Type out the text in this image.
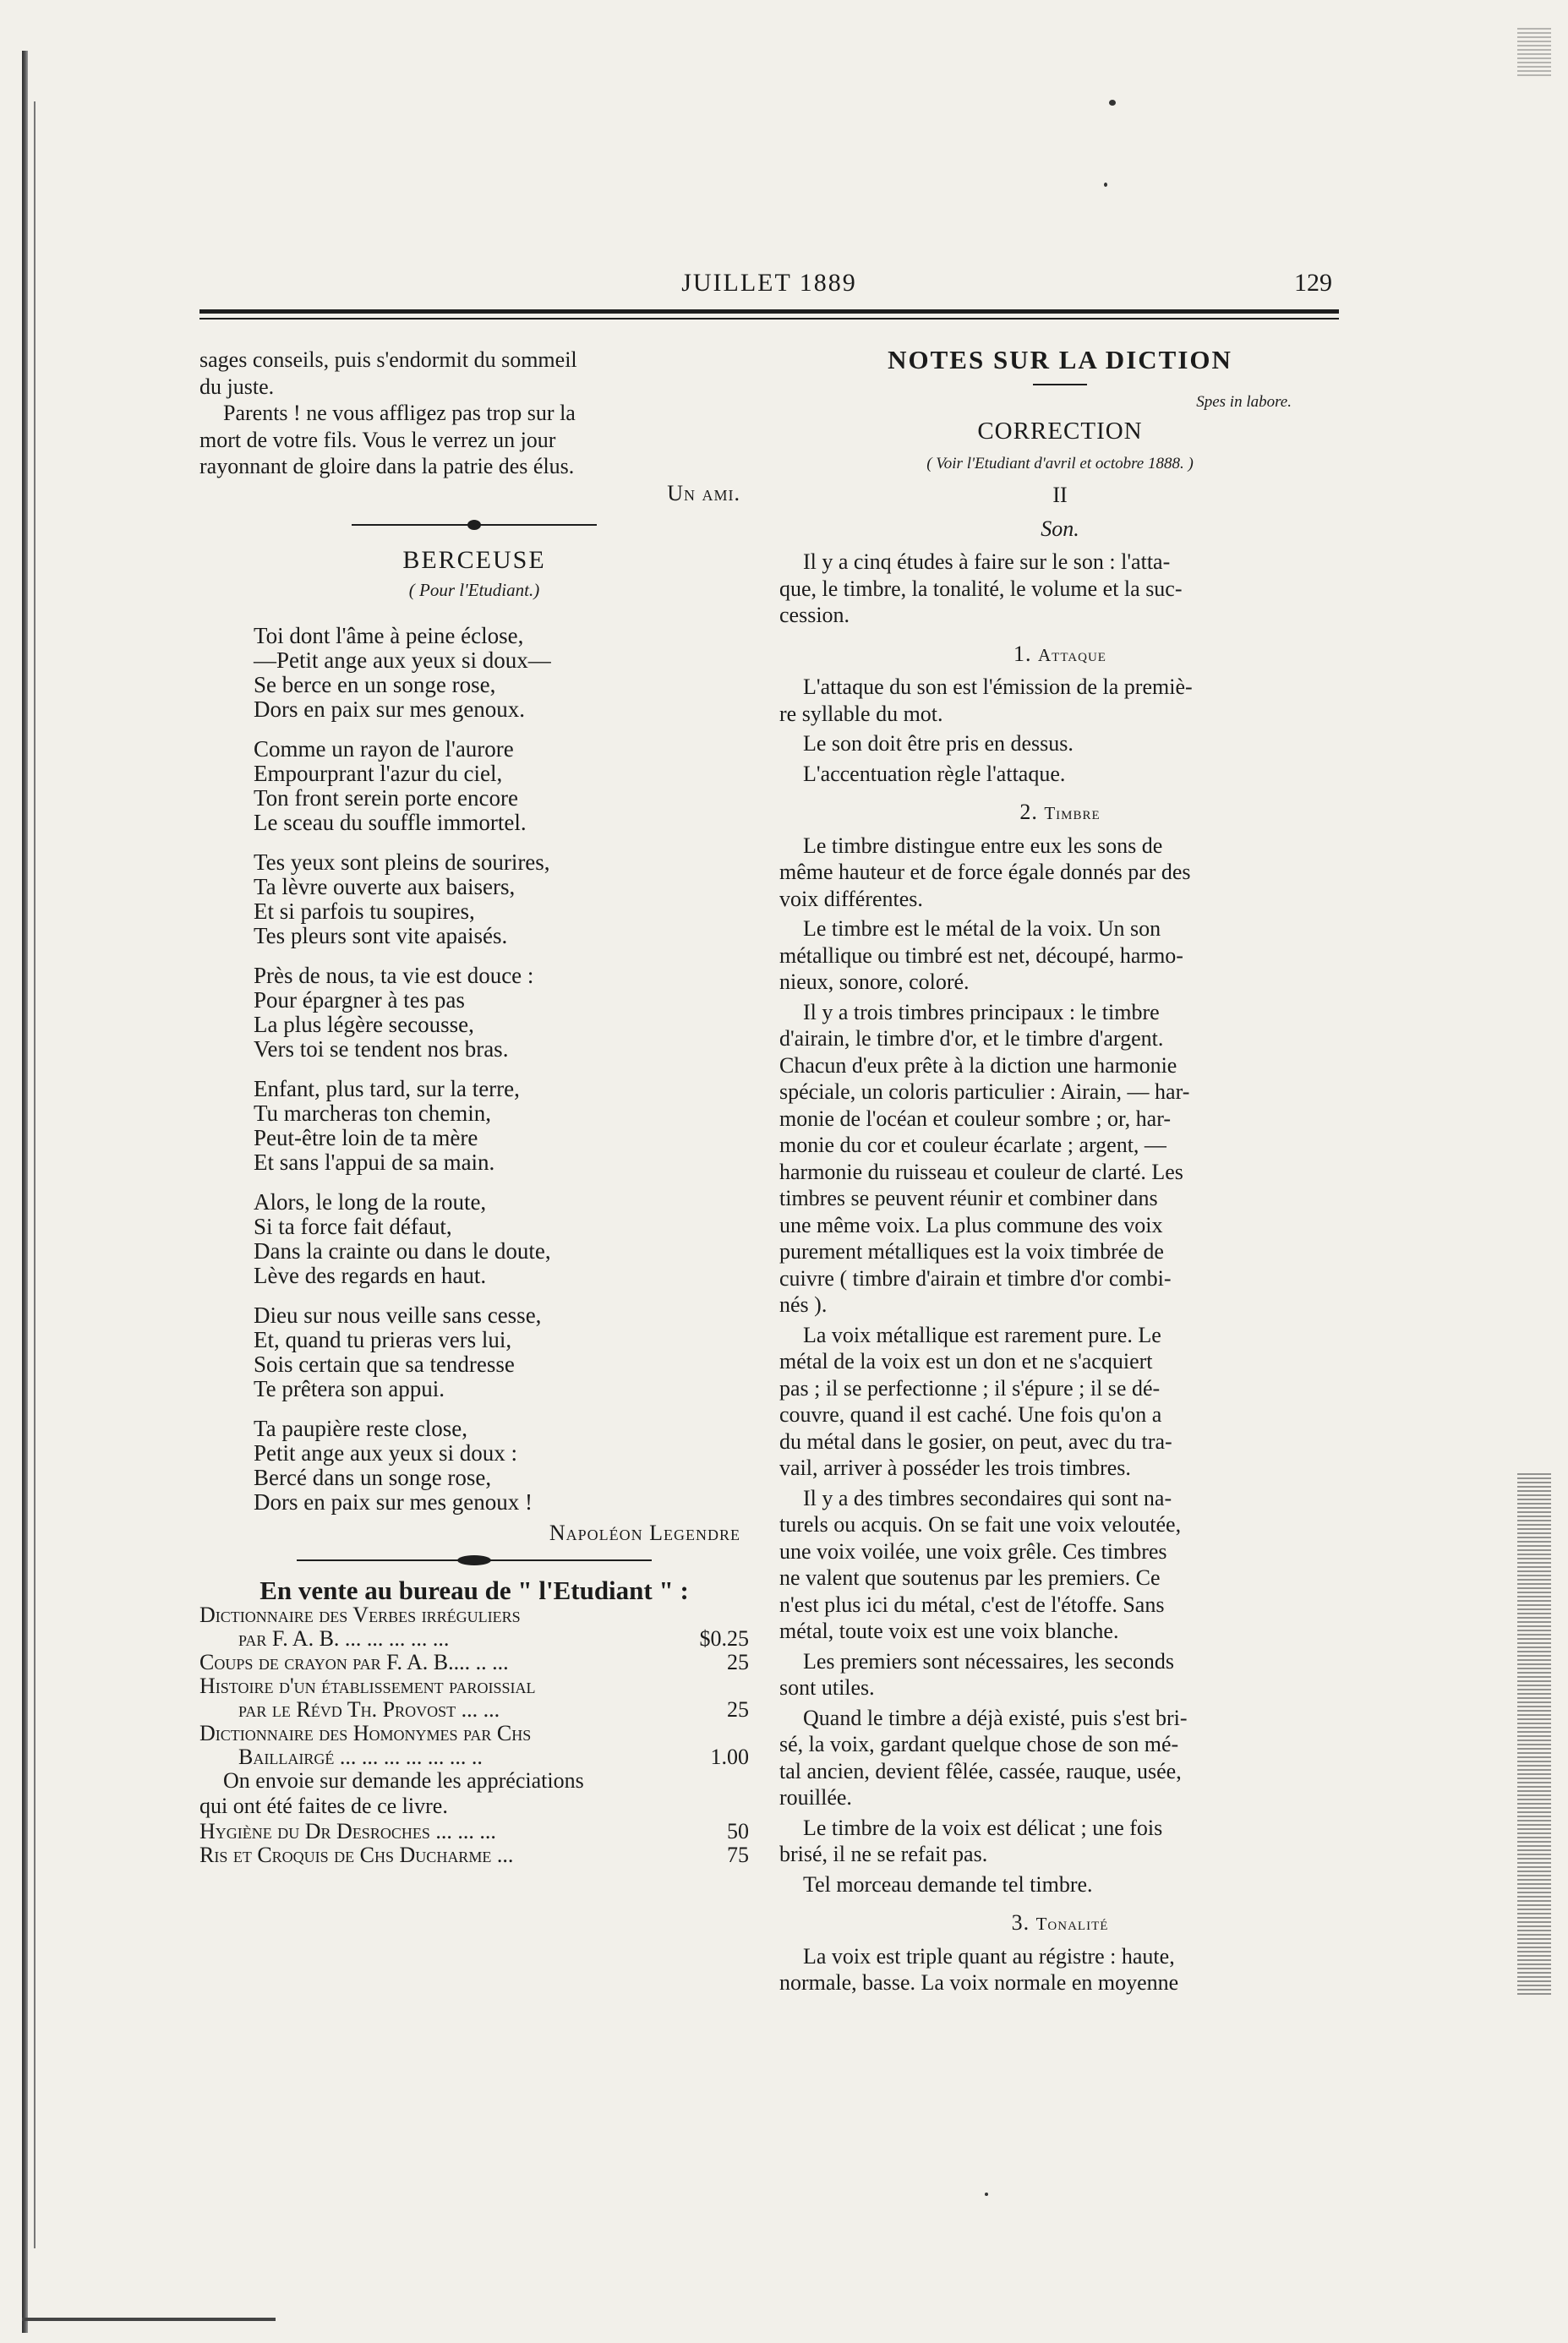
JUILLET 1889	129

sages conseils, puis s'endormit du sommeil

du juste.

Parents ! ne vous affligez pas trop sur la

mort de votre fils. Vous le verrez un jour

rayonnant de gloire dans la patrie des élus.

Un ami.

BERCEUSE
( Pour l'Etudiant.)
Toi dont l'âme à peine éclose,
—Petit ange aux yeux si doux—
Se berce en un songe rose,
Dors en paix sur mes genoux.
Comme un rayon de l'aurore
Empourprant l'azur du ciel,
Ton front serein porte encore
Le sceau du souffle immortel.
Tes yeux sont pleins de sourires,
Ta lèvre ouverte aux baisers,
Et si parfois tu soupires,
Tes pleurs sont vite apaisés.
Près de nous, ta vie est douce :
Pour épargner à tes pas
La plus légère secousse,
Vers toi se tendent nos bras.
Enfant, plus tard, sur la terre,
Tu marcheras ton chemin,
Peut-être loin de ta mère
Et sans l'appui de sa main.
Alors, le long de la route,
Si ta force fait défaut,
Dans la crainte ou dans le doute,
Lève des regards en haut.
Dieu sur nous veille sans cesse,
Et, quand tu prieras vers lui,
Sois certain que sa tendresse
Te prêtera son appui.
Ta paupière reste close,
Petit ange aux yeux si doux :
Bercé dans un songe rose,
Dors en paix sur mes genoux !

Napoléon Legendre

En vente au bureau de " l'Etudiant " :
Dictionnaire des Verbes irréguliers
par F. A. B. ... ... ... ... ...	$0.25
Coups de crayon par F. A. B.... .. ...	25
Histoire d'un établissement paroissial
par le Révd Th. Provost ... ...	25
Dictionnaire des Homonymes par Chs
Baillairgé ... ... ... ... ... ... ..	1.00

On envoie sur demande les appréciations

qui ont été faites de ce livre.

Hygiène du Dr Desroches ... ... ...	50
Ris et Croquis de Chs Ducharme ...	75
NOTES SUR LA DICTION
Spes in labore.
CORRECTION
( Voir l'Etudiant d'avril et octobre 1888. )
II
Son.

Il y a cinq études à faire sur le son : l'atta-

que, le timbre, la tonalité, le volume et la suc-

cession.

1. Attaque

L'attaque du son est l'émission de la premiè-

re syllable du mot.

Le son doit être pris en dessus.

L'accentuation règle l'attaque.

2. Timbre

Le timbre distingue entre eux les sons de

même hauteur et de force égale donnés par des

voix différentes.

Le timbre est le métal de la voix. Un son

métallique ou timbré est net, découpé, harmo-

nieux, sonore, coloré.

Il y a trois timbres principaux : le timbre

d'airain, le timbre d'or, et le timbre d'argent.

Chacun d'eux prête à la diction une harmonie

spéciale, un coloris particulier : Airain, — har-

monie de l'océan et couleur sombre ; or, har-

monie du cor et couleur écarlate ; argent, —

harmonie du ruisseau et couleur de clarté. Les

timbres se peuvent réunir et combiner dans

une même voix. La plus commune des voix

purement métalliques est la voix timbrée de

cuivre ( timbre d'airain et timbre d'or combi-

nés ).

La voix métallique est rarement pure. Le

métal de la voix est un don et ne s'acquiert

pas ; il se perfectionne ; il s'épure ; il se dé-

couvre, quand il est caché. Une fois qu'on a

du métal dans le gosier, on peut, avec du tra-

vail, arriver à posséder les trois timbres.

Il y a des timbres secondaires qui sont na-

turels ou acquis. On se fait une voix veloutée,

une voix voilée, une voix grêle. Ces timbres

ne valent que soutenus par les premiers. Ce

n'est plus ici du métal, c'est de l'étoffe. Sans

métal, toute voix est une voix blanche.

Les premiers sont nécessaires, les seconds

sont utiles.

Quand le timbre a déjà existé, puis s'est bri-

sé, la voix, gardant quelque chose de son mé-

tal ancien, devient fêlée, cassée, rauque, usée,

rouillée.

Le timbre de la voix est délicat ; une fois

brisé, il ne se refait pas.

Tel morceau demande tel timbre.

3. Tonalité

La voix est triple quant au régistre : haute,

normale, basse. La voix normale en moyenne
